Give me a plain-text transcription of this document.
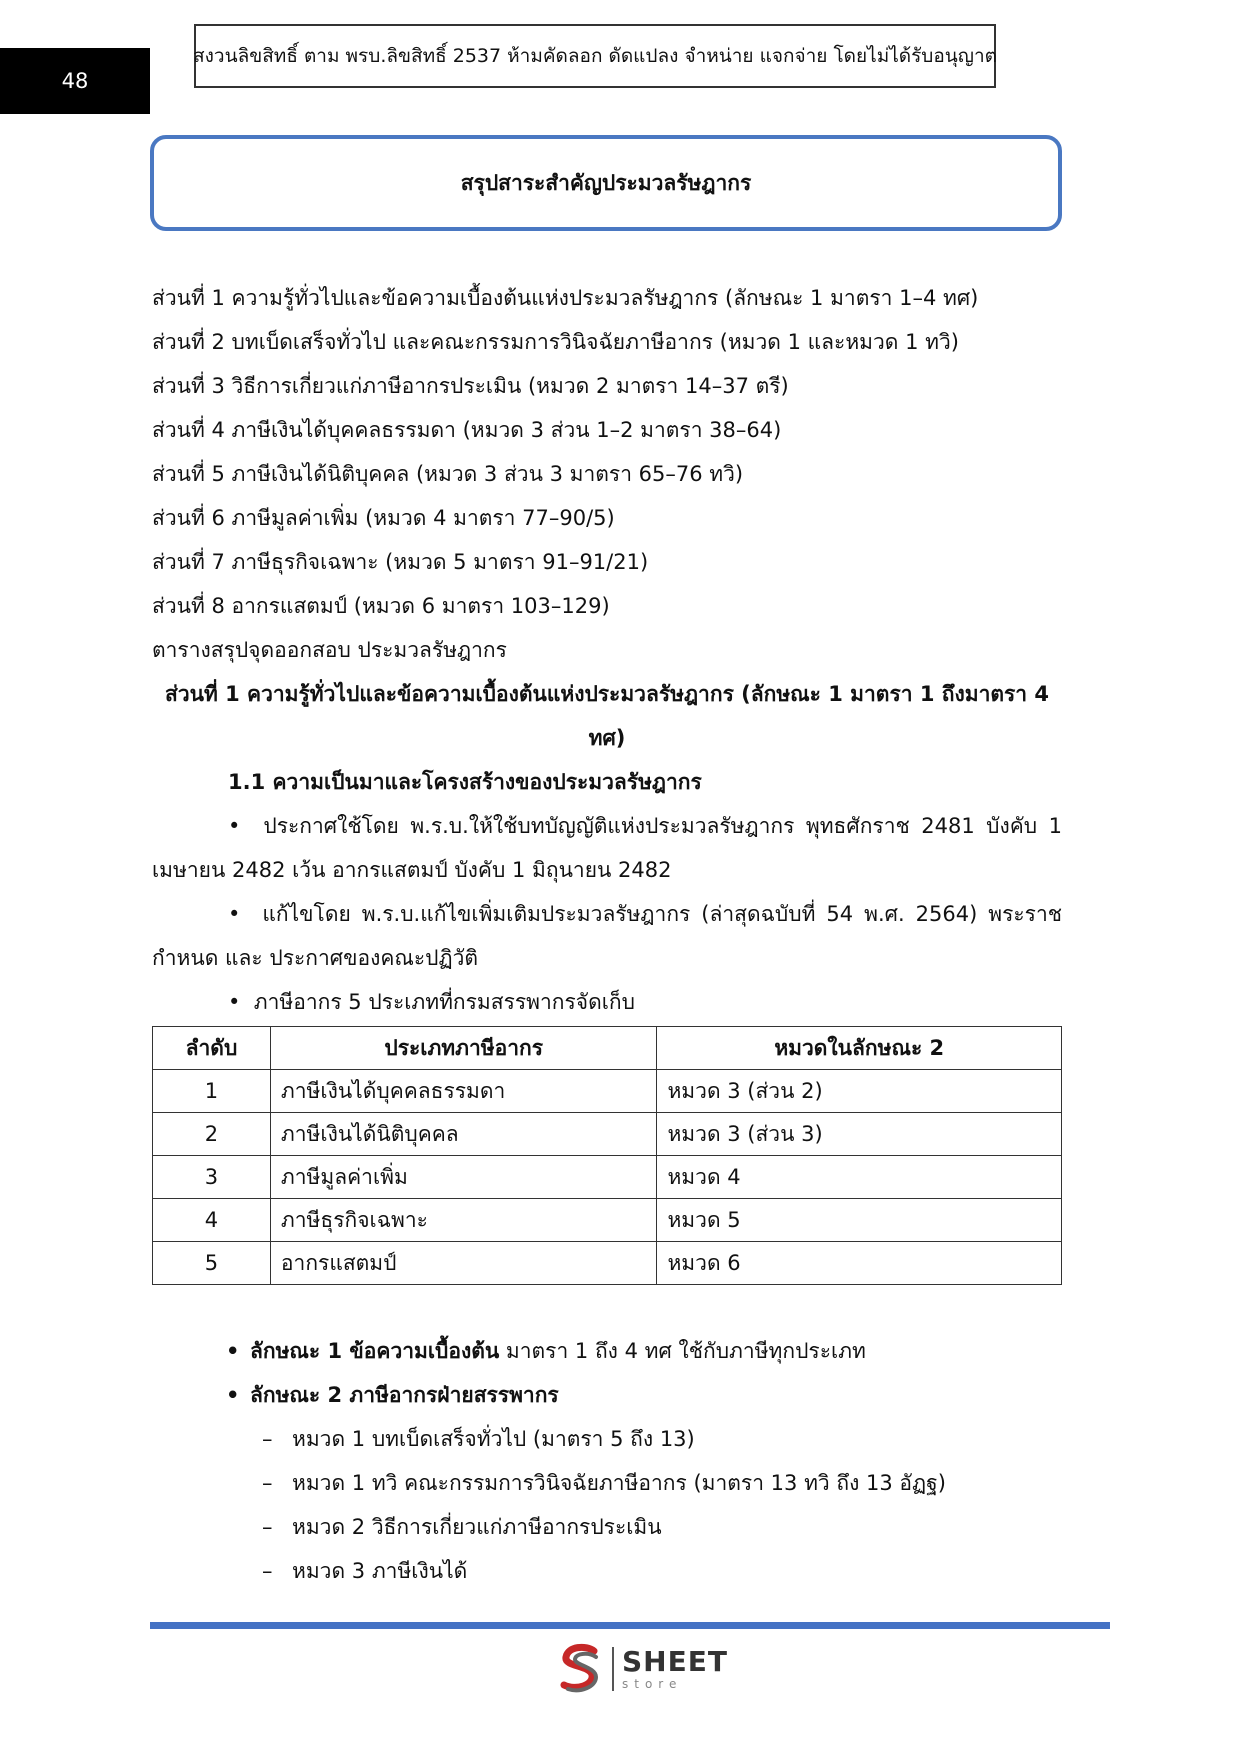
48
สงวนลิขสิทธิ์ ตาม พรบ.ลิขสิทธิ์ 2537 ห้ามคัดลอก ดัดแปลง จำหน่าย แจกจ่าย โดยไม่ได้รับอนุญาต
สรุปสาระสำคัญประมวลรัษฎากร
ส่วนที่ 1 ความรู้ทั่วไปและข้อความเบื้องต้นแห่งประมวลรัษฎากร (ลักษณะ 1 มาตรา 1–4 ทศ)
ส่วนที่ 2 บทเบ็ดเสร็จทั่วไป และคณะกรรมการวินิจฉัยภาษีอากร (หมวด 1 และหมวด 1 ทวิ)
ส่วนที่ 3 วิธีการเกี่ยวแก่ภาษีอากรประเมิน (หมวด 2 มาตรา 14–37 ตรี)
ส่วนที่ 4 ภาษีเงินได้บุคคลธรรมดา (หมวด 3 ส่วน 1–2 มาตรา 38–64)
ส่วนที่ 5 ภาษีเงินได้นิติบุคคล (หมวด 3 ส่วน 3 มาตรา 65–76 ทวิ)
ส่วนที่ 6 ภาษีมูลค่าเพิ่ม (หมวด 4 มาตรา 77–90/5)
ส่วนที่ 7 ภาษีธุรกิจเฉพาะ (หมวด 5 มาตรา 91–91/21)
ส่วนที่ 8 อากรแสตมป์ (หมวด 6 มาตรา 103–129)
ตารางสรุปจุดออกสอบ ประมวลรัษฎากร
ส่วนที่ 1 ความรู้ทั่วไปและข้อความเบื้องต้นแห่งประมวลรัษฎากร (ลักษณะ 1 มาตรา 1 ถึงมาตรา 4
ทศ)
1.1 ความเป็นมาและโครงสร้างของประมวลรัษฎากร
• ประกาศใช้โดย พ.ร.บ.ให้ใช้บทบัญญัติแห่งประมวลรัษฎากร พุทธศักราช 2481 บังคับ 1 เมษายน 2482 เว้น อากรแสตมป์ บังคับ 1 มิถุนายน 2482
• แก้ไขโดย พ.ร.บ.แก้ไขเพิ่มเติมประมวลรัษฎากร (ล่าสุดฉบับที่ 54 พ.ศ. 2564) พระราชกำหนด และ ประกาศของคณะปฏิวัติ
• ภาษีอากร 5 ประเภทที่กรมสรรพากรจัดเก็บ
ลำดับ	ประเภทภาษีอากร	หมวดในลักษณะ 2
1	ภาษีเงินได้บุคคลธรรมดา	หมวด 3 (ส่วน 2)
2	ภาษีเงินได้นิติบุคคล	หมวด 3 (ส่วน 3)
3	ภาษีมูลค่าเพิ่ม	หมวด 4
4	ภาษีธุรกิจเฉพาะ	หมวด 5
5	อากรแสตมป์	หมวด 6
• ลักษณะ 1 ข้อความเบื้องต้น มาตรา 1 ถึง 4 ทศ ใช้กับภาษีทุกประเภท
• ลักษณะ 2 ภาษีอากรฝ่ายสรรพากร
– หมวด 1 บทเบ็ดเสร็จทั่วไป (มาตรา 5 ถึง 13)
– หมวด 1 ทวิ คณะกรรมการวินิจฉัยภาษีอากร (มาตรา 13 ทวิ ถึง 13 อัฏฐ)
– หมวด 2 วิธีการเกี่ยวแก่ภาษีอากรประเมิน
– หมวด 3 ภาษีเงินได้
SHEET
store
